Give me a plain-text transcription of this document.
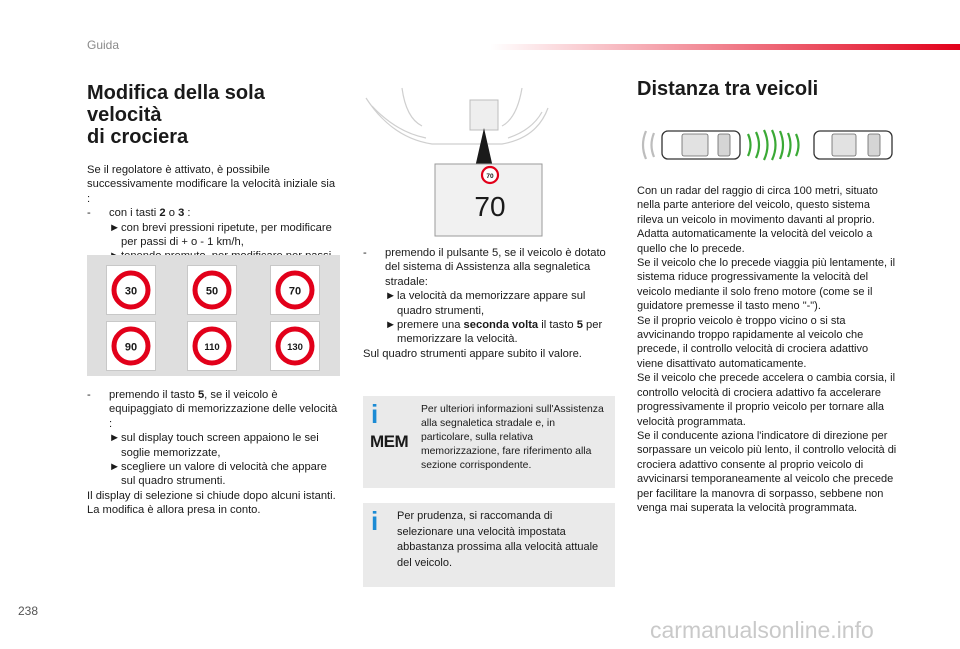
Guida
Modifica della sola velocità
di crociera

Se il regolatore è attivato, è possibile successivamente modificare la velocità iniziale sia :

- con i tasti 2 o 3 :

►con brevi pressioni ripetute, per modificare per passi di + o - 1 km/h,

30	50	70
90	110	130

- premendo il tasto 5, se il veicolo è equipaggiato di memorizzazione delle velocità :

►sul display touch screen appaiono le sei soglie memorizzate,

►scegliere un valore di velocità che appare sul quadro strumenti.

Il display di selezione si chiude dopo alcuni istanti.

La modifica è allora presa in conto.

70
70

- premendo il pulsante 5, se il veicolo è dotato del sistema di Assistenza alla segnaletica stradale:

►la velocità da memorizzare appare sul quadro strumenti,

►premere una seconda volta il tasto 5 per memorizzare la velocità.

Sul quadro strumenti appare subito il valore.

i
MEM
Per ulteriori informazioni sull'Assistenza alla segnaletica stradale e, in particolare, sulla relativa memorizzazione, fare riferimento alla sezione corrispondente.
i Per prudenza, si raccomanda di selezionare una velocità impostata abbastanza prossima alla velocità attuale del veicolo.
Distanza tra veicoli

Con un radar del raggio di circa 100 metri, situato nella parte anteriore del veicolo, questo sistema rileva un veicolo in movimento davanti al proprio.

Adatta automaticamente la velocità del veicolo a quello che lo precede.

Se il veicolo che lo precede viaggia più lentamente, il sistema riduce progressivamente la velocità del veicolo mediante il solo freno motore (come se il guidatore premesse il tasto meno "-").

Se il proprio veicolo è troppo vicino o si sta avvicinando troppo rapidamente al veicolo che precede, il controllo velocità di crociera adattivo viene disattivato automaticamente.

Se il veicolo che precede accelera o cambia corsia, il controllo velocità di crociera adattivo fa accelerare progressivamente il proprio veicolo per tornare alla velocità programmata.

Se il conducente aziona l'indicatore di direzione per sorpassare un veicolo più lento, il controllo velocità di crociera adattivo consente al proprio veicolo di avvicinarsi temporaneamente al veicolo che precede per facilitare la manovra di sorpasso, sebbene non venga mai superata la velocità programmata.

238
carmanualsonline.info
